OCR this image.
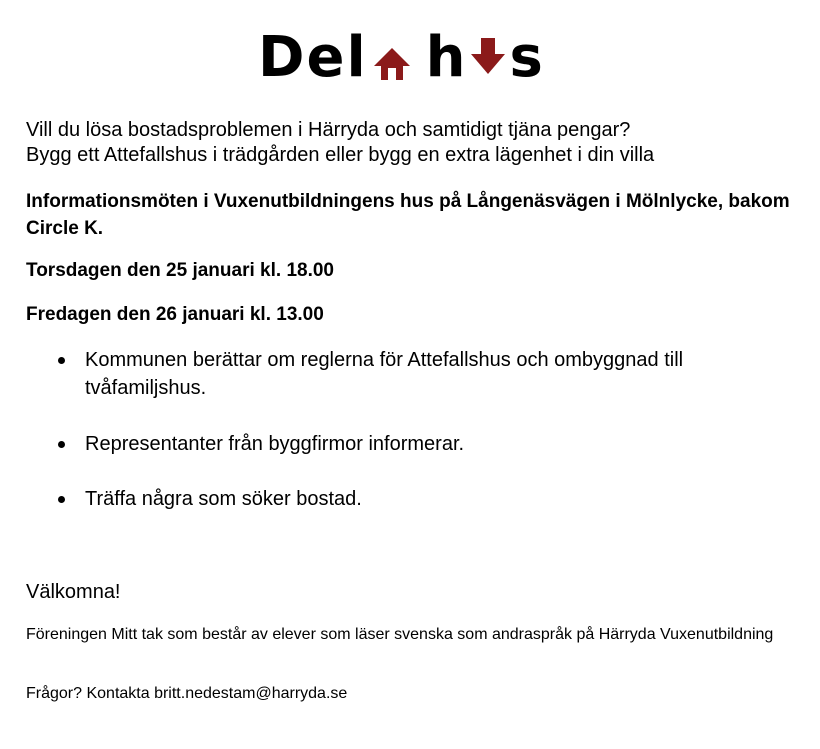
Del h s
Vill du lösa bostadsproblemen i Härryda och samtidigt tjäna pengar?
Bygg ett Attefallshus i trädgården eller bygg en extra lägenhet i din villa

Informationsmöten i Vuxenutbildningens hus på Långenäsvägen i Mölnlycke, bakom Circle K.

Torsdagen den 25 januari kl. 18.00

Fredagen den 26 januari kl. 13.00

Kommunen berättar om reglerna för Attefallshus och ombyggnad till tvåfamiljshus.
Representanter från byggfirmor informerar.
Träffa några som söker bostad.

Välkomna!

Föreningen Mitt tak som består av elever som läser svenska som andraspråk på Härryda Vuxenutbildning

Frågor? Kontakta britt.nedestam@harryda.se
